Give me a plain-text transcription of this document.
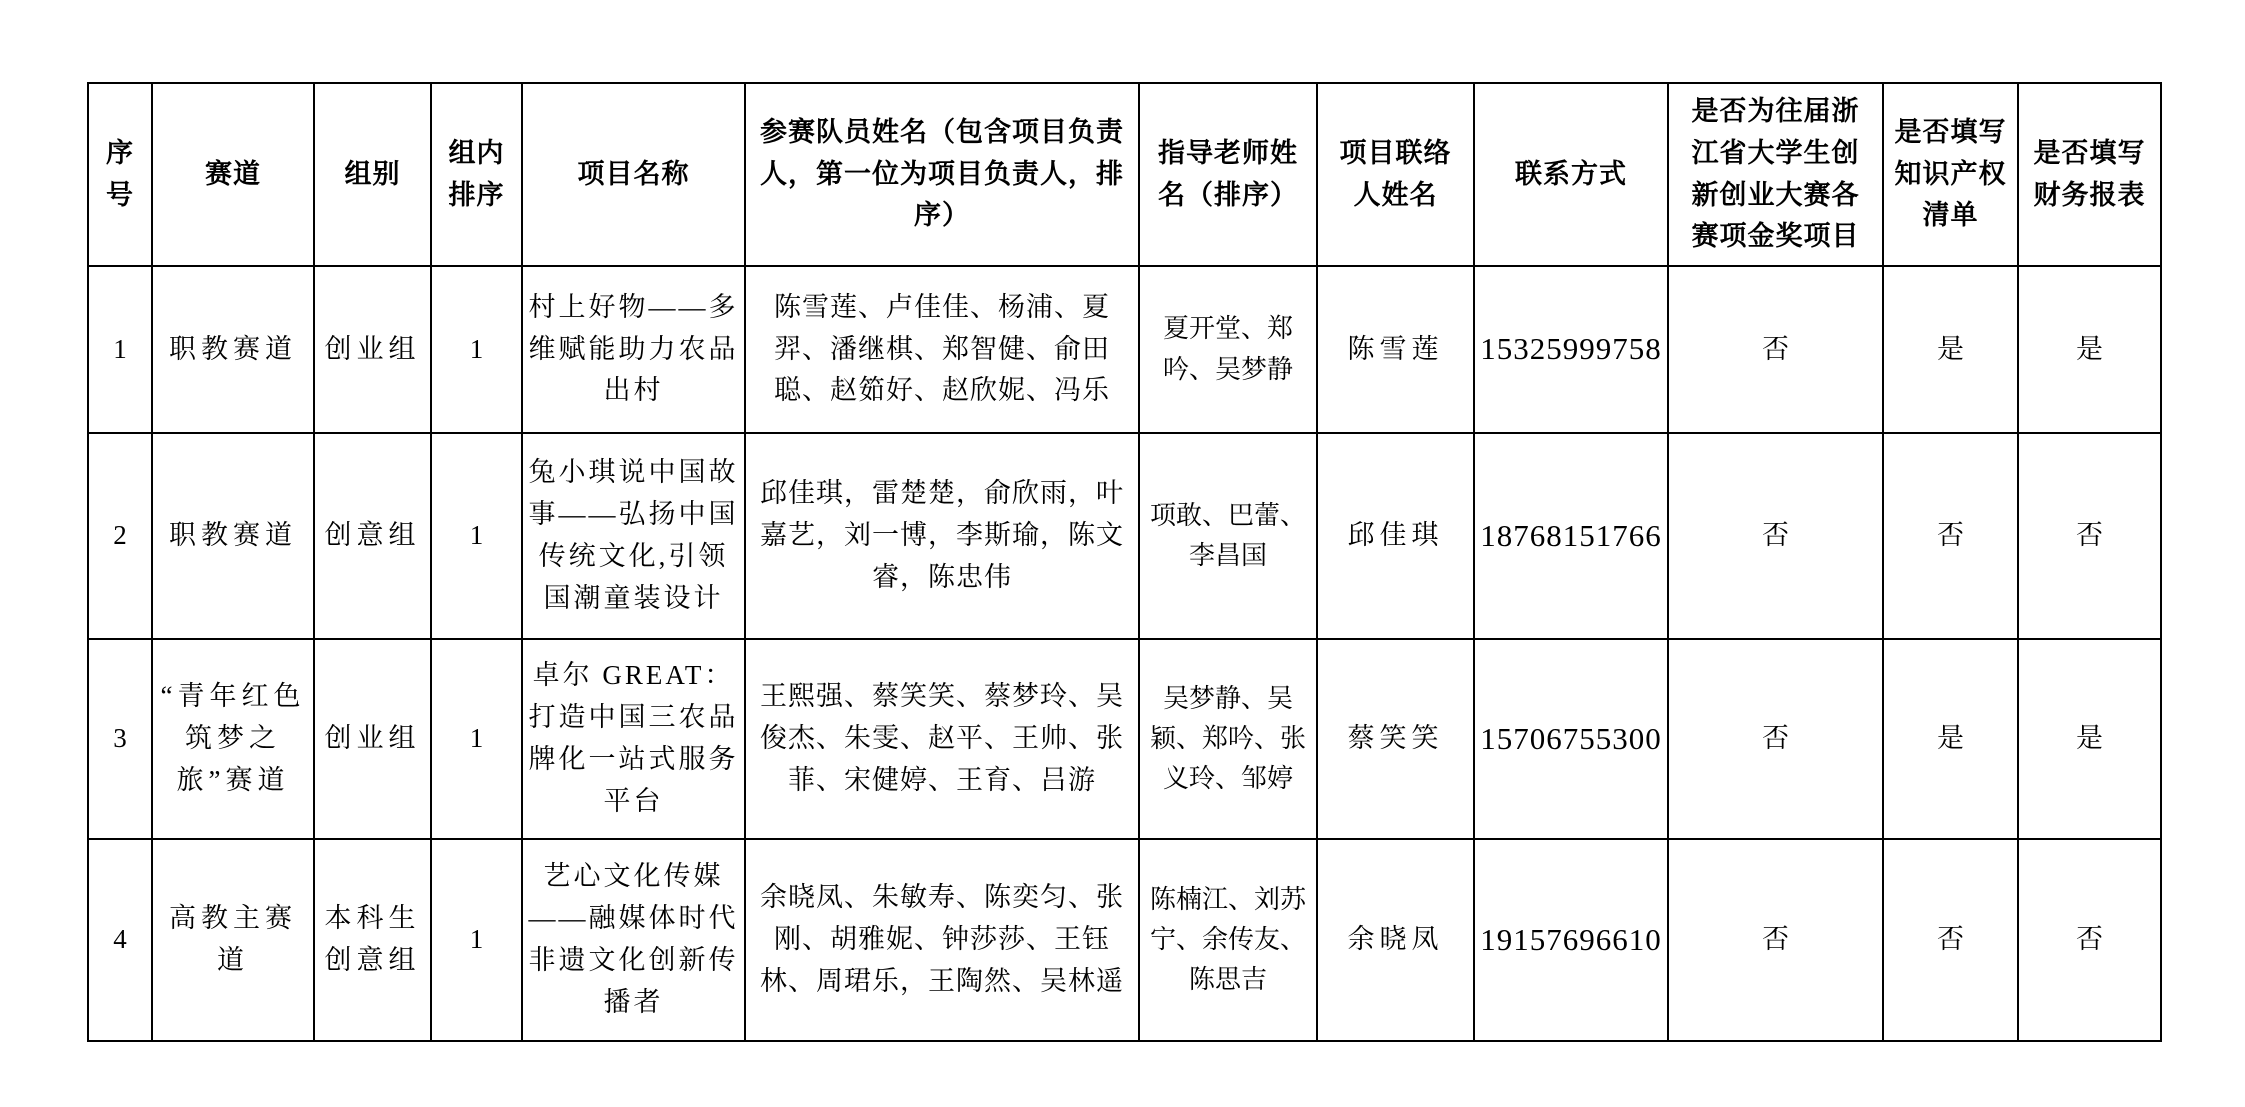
序号	赛道	组别	组内排序	项目名称	参赛队员姓名（包含项目负责人，第一位为项目负责人，排序）	指导老师姓名（排序）	项目联络人姓名	联系方式	是否为往届浙江省大学生创新创业大赛各赛项金奖项目	是否填写知识产权清单	是否填写财务报表
1	职教赛道	创业组	1	村上好物——多维赋能助力农品出村	陈雪莲、卢佳佳、杨浦、夏羿、潘继棋、郑智健、俞田聪、赵筎好、赵欣妮、冯乐	夏开堂、郑吟、吴梦静	陈雪莲	15325999758	否	是	是
2	职教赛道	创意组	1	兔小琪说中国故事——弘扬中国传统文化,引领国潮童装设计	邱佳琪，雷楚楚，俞欣雨，叶嘉艺，刘一博，李斯瑜，陈文睿，陈忠伟	项敢、巴蕾、李昌国	邱佳琪	18768151766	否	否	否
3	“青年红色筑梦之旅”赛道	创业组	1	卓尔 GREAT： 打造中国三农品牌化一站式服务平台	王熙强、蔡笑笑、蔡梦玲、吴俊杰、朱雯、赵平、王帅、张菲、宋健婷、王育、吕游	吴梦静、吴颖、郑吟、张义玲、邹婷	蔡笑笑	15706755300	否	是	是
4	高教主赛道	本科生创意组	1	艺心文化传媒——融媒体时代非遗文化创新传播者	余晓凤、朱敏寿、陈奕匀、张刚、胡雅妮、钟莎莎、王钰林、周珺乐，王陶然、吴林遥	陈楠江、刘苏宁、余传友、陈思吉	余晓凤	19157696610	否	否	否
